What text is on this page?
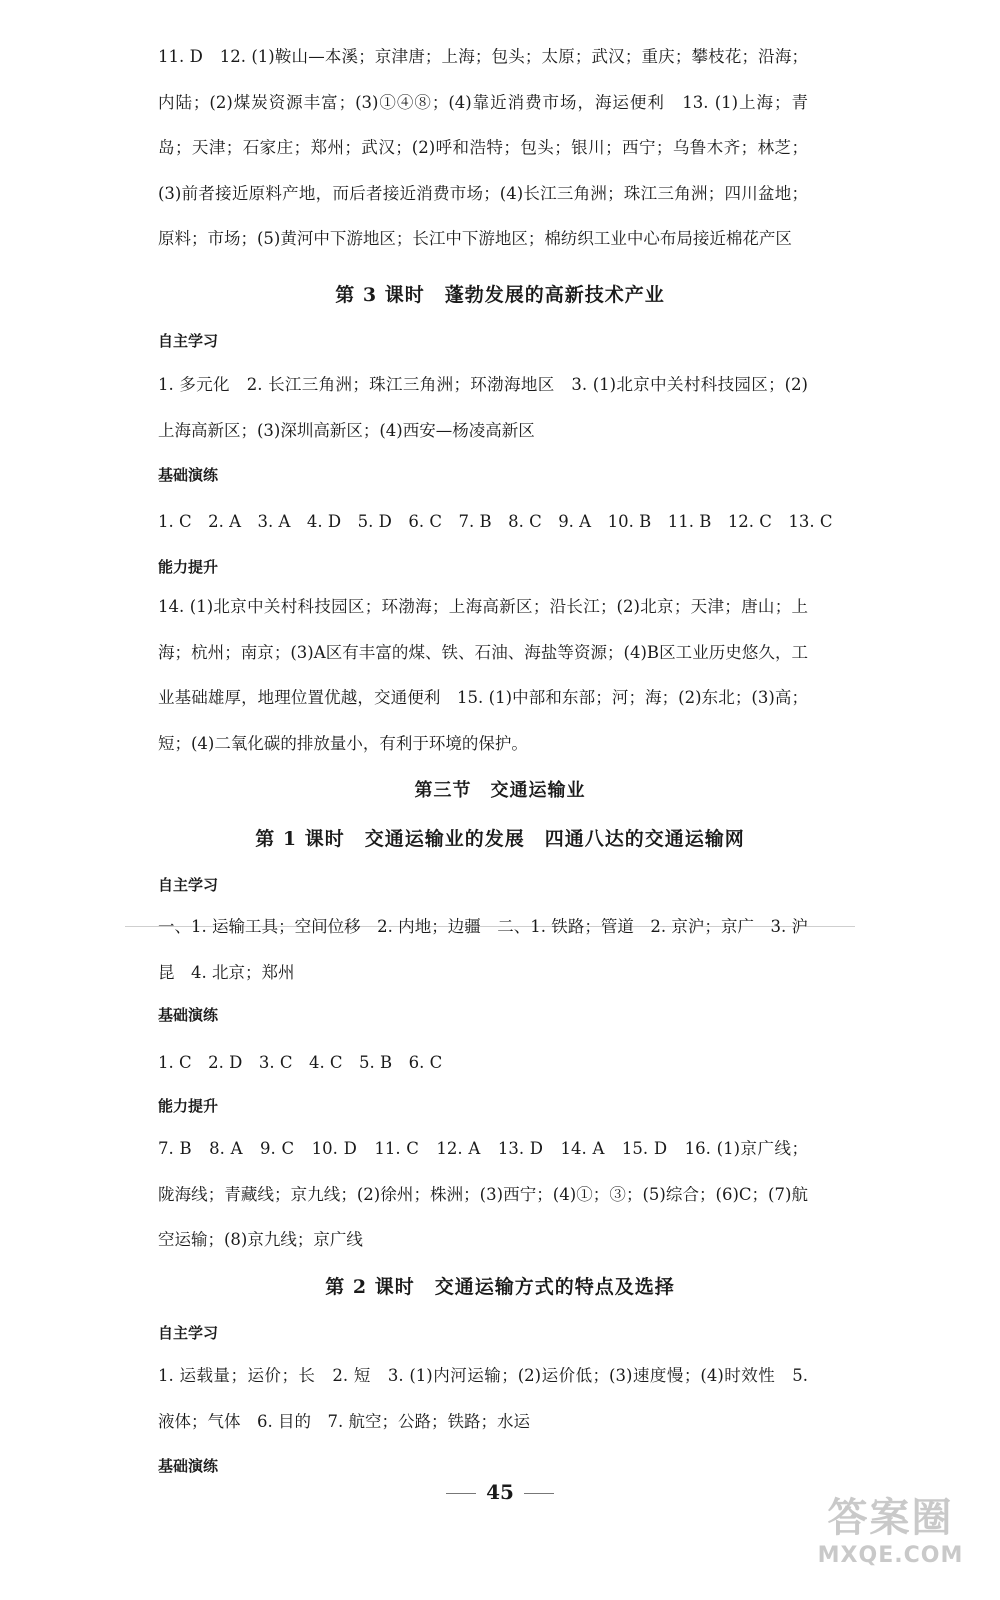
11. D　12. (1)鞍山—本溪；京津唐；上海；包头；太原；武汉；重庆；攀枝花；沿海；内陆；(2)煤炭资源丰富；(3)①④⑧；(4)靠近消费市场，海运便利　13. (1)上海；青岛；天津；石家庄；郑州；武汉；(2)呼和浩特；包头；银川；西宁；乌鲁木齐；林芝；(3)前者接近原料产地，而后者接近消费市场；(4)长江三角洲；珠江三角洲；四川盆地；原料；市场；(5)黄河中下游地区；长江中下游地区；棉纺织工业中心布局接近棉花产区

第 3 课时　蓬勃发展的高新技术产业
自主学习

1. 多元化　2. 长江三角洲；珠江三角洲；环渤海地区　3. (1)北京中关村科技园区；(2)上海高新区；(3)深圳高新区；(4)西安—杨凌高新区

基础演练

1. C　2. A　3. A　4. D　5. D　6. C　7. B　8. C　9. A　10. B　11. B　12. C　13. C

能力提升

14. (1)北京中关村科技园区；环渤海；上海高新区；沿长江；(2)北京；天津；唐山；上海；杭州；南京；(3)A区有丰富的煤、铁、石油、海盐等资源；(4)B区工业历史悠久，工业基础雄厚，地理位置优越，交通便利　15. (1)中部和东部；河；海；(2)东北；(3)高；短；(4)二氧化碳的排放量小，有利于环境的保护。

第三节　交通运输业
第 1 课时　交通运输业的发展　四通八达的交通运输网
自主学习

一、1. 运输工具；空间位移　2. 内地；边疆　二、1. 铁路；管道　2. 京沪；京广　3. 沪昆　4. 北京；郑州

基础演练

1. C　2. D　3. C　4. C　5. B　6. C

能力提升

7. B　8. A　9. C　10. D　11. C　12. A　13. D　14. A　15. D　16. (1)京广线；陇海线；青藏线；京九线；(2)徐州；株洲；(3)西宁；(4)①；③；(5)综合；(6)C；(7)航空运输；(8)京九线；京广线

第 2 课时　交通运输方式的特点及选择
自主学习

1. 运载量；运价；长　2. 短　3. (1)内河运输；(2)运价低；(3)速度慢；(4)时效性　5. 液体；气体　6. 目的　7. 航空；公路；铁路；水运

基础演练
45
答案圈
MXQE.COM
